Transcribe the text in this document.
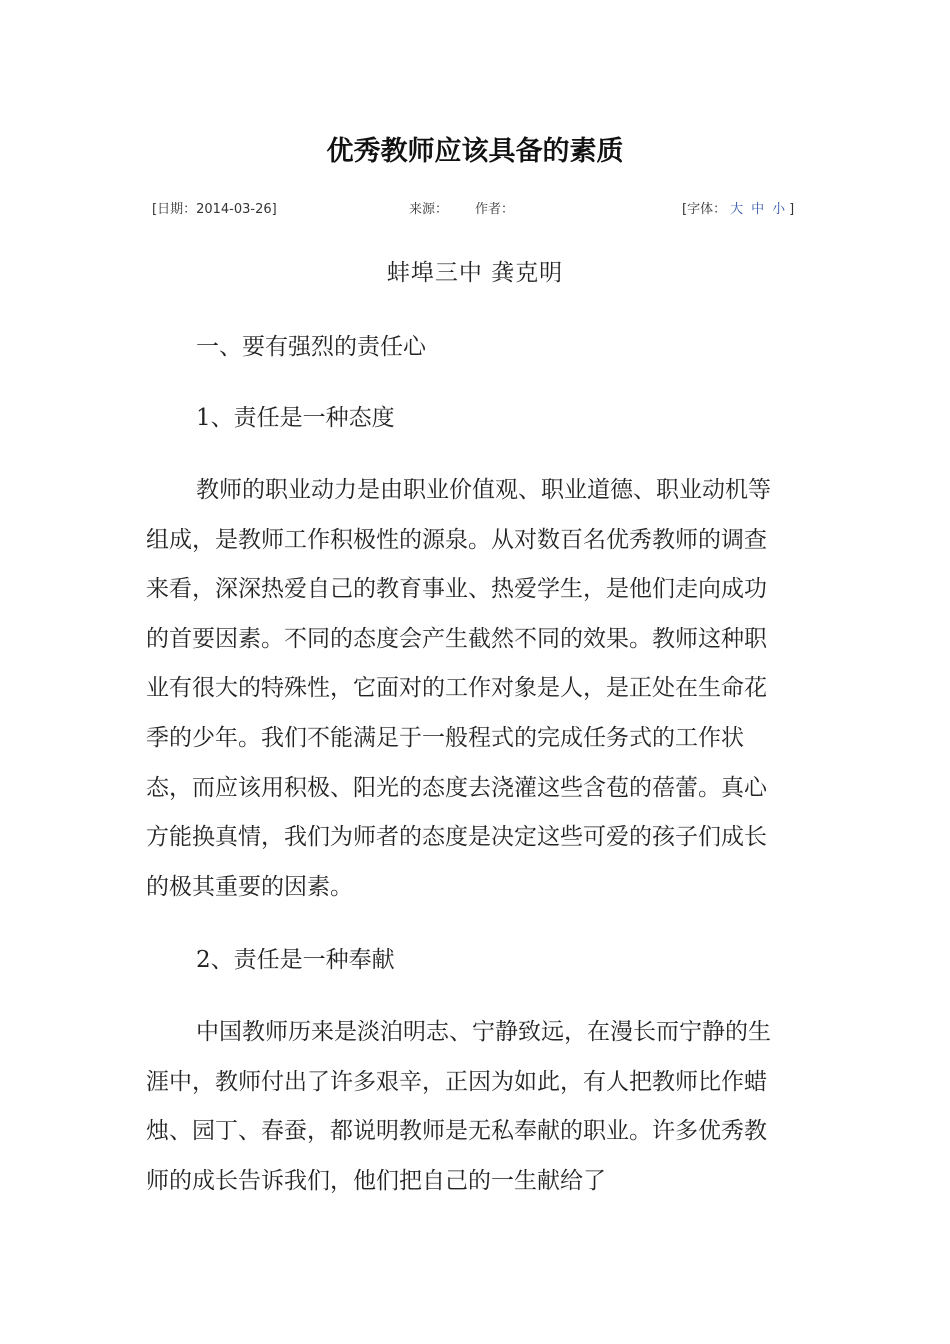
优秀教师应该具备的素质
[日期：2014-03-26]	来源： 作者：	[字体： 大 中 小 ]
蚌埠三中 龚克明
一、要有强烈的责任心
1、责任是一种态度

教师的职业动力是由职业价值观、职业道德、职业动机等组成，是教师工作积极性的源泉。从对数百名优秀教师的调查来看，深深热爱自己的教育事业、热爱学生，是他们走向成功的首要因素。不同的态度会产生截然不同的效果。教师这种职业有很大的特殊性，它面对的工作对象是人，是正处在生命花季的少年。我们不能满足于一般程式的完成任务式的工作状态，而应该用积极、阳光的态度去浇灌这些含苞的蓓蕾。真心方能换真情，我们为师者的态度是决定这些可爱的孩子们成长的极其重要的因素。

2、责任是一种奉献

中国教师历来是淡泊明志、宁静致远，在漫长而宁静的生涯中，教师付出了许多艰辛，正因为如此，有人把教师比作蜡烛、园丁、春蚕，都说明教师是无私奉献的职业。许多优秀教师的成长告诉我们，他们把自己的一生献给了
